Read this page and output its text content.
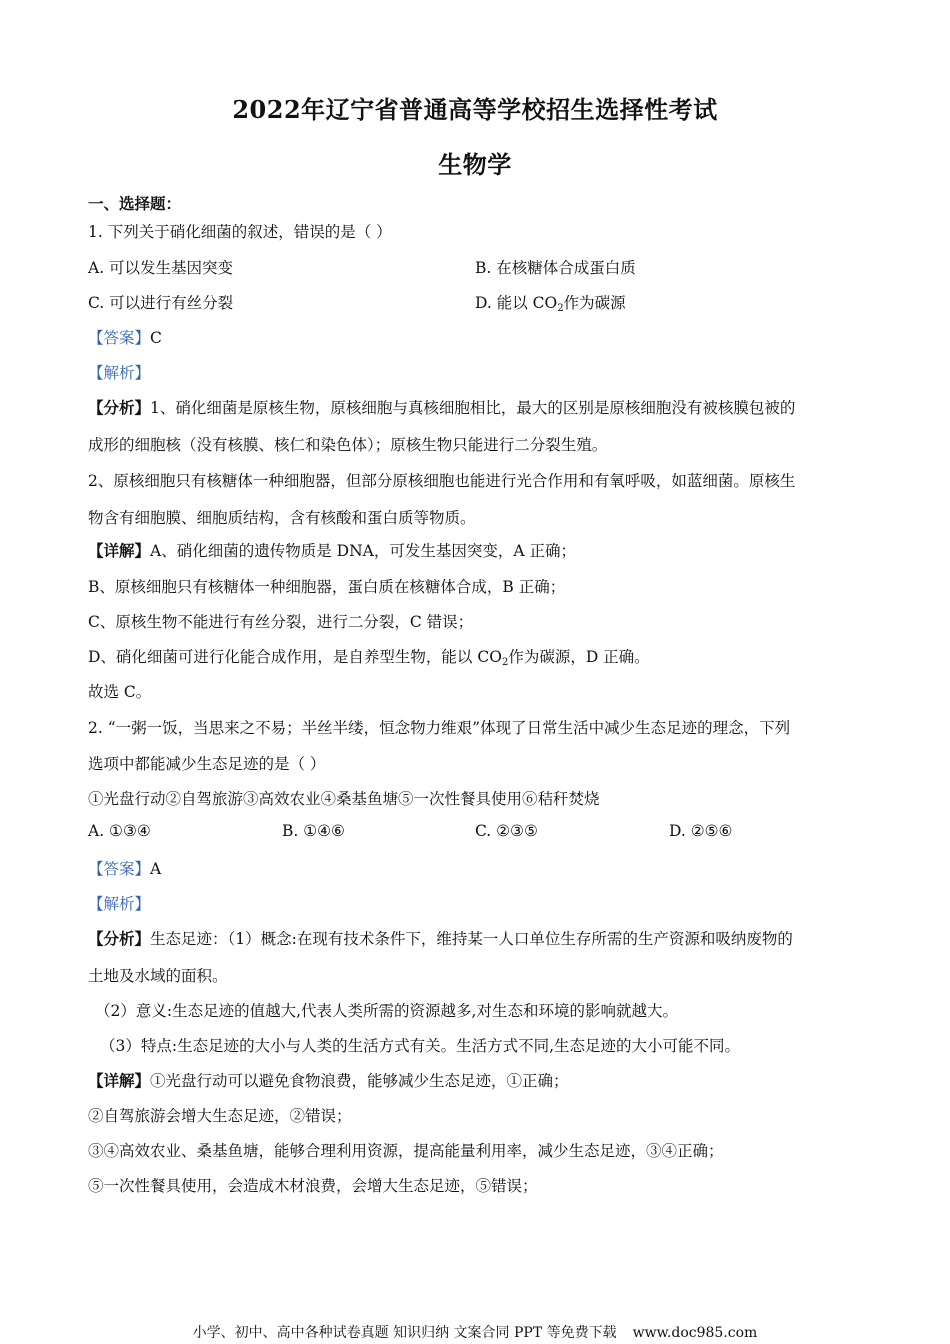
2022年辽宁省普通高等学校招生选择性考试
生物学
一、选择题：
1. 下列关于硝化细菌的叙述，错误的是（ ）
A. 可以发生基因突变	B. 在核糖体合成蛋白质
C. 可以进行有丝分裂	D. 能以 $CO_2$作为碳源
【答案】C
【解析】
【分析】1、硝化细菌是原核生物，原核细胞与真核细胞相比，最大的区别是原核细胞没有被核膜包被的
成形的细胞核（没有核膜、核仁和染色体）；原核生物只能进行二分裂生殖。
2、原核细胞只有核糖体一种细胞器，但部分原核细胞也能进行光合作用和有氧呼吸，如蓝细菌。原核生
物含有细胞膜、细胞质结构，含有核酸和蛋白质等物质。
【详解】A、硝化细菌的遗传物质是 DNA，可发生基因突变，A 正确；
B、原核细胞只有核糖体一种细胞器，蛋白质在核糖体合成，B 正确；
C、原核生物不能进行有丝分裂，进行二分裂，C 错误；
D、硝化细菌可进行化能合成作用，是自养型生物，能以 $CO_2$作为碳源，D 正确。
故选 C。
2. “一粥一饭，当思来之不易；半丝半缕，恒念物力维艰”体现了日常生活中减少生态足迹的理念，下列
选项中都能减少生态足迹的是（ ）
①光盘行动②自驾旅游③高效农业④桑基鱼塘⑤一次性餐具使用⑥秸秆焚烧
A. ①③④	B. ①④⑥	C. ②③⑤	D. ②⑤⑥
【答案】A
【解析】
【分析】生态足迹：（1）概念:在现有技术条件下，维持某一人口单位生存所需的生产资源和吸纳废物的
土地及水域的面积。
（2）意义:生态足迹的值越大,代表人类所需的资源越多,对生态和环境的影响就越大。
（3）特点:生态足迹的大小与人类的生活方式有关。生活方式不同,生态足迹的大小可能不同。
【详解】①光盘行动可以避免食物浪费，能够减少生态足迹，①正确；
②自驾旅游会增大生态足迹，②错误；
③④高效农业、桑基鱼塘，能够合理利用资源，提高能量利用率，减少生态足迹，③④正确；
⑤一次性餐具使用，会造成木材浪费，会增大生态足迹，⑤错误；
小学、初中、高中各种试卷真题 知识归纳 文案合同 PPT 等免费下载 www.doc985.com
